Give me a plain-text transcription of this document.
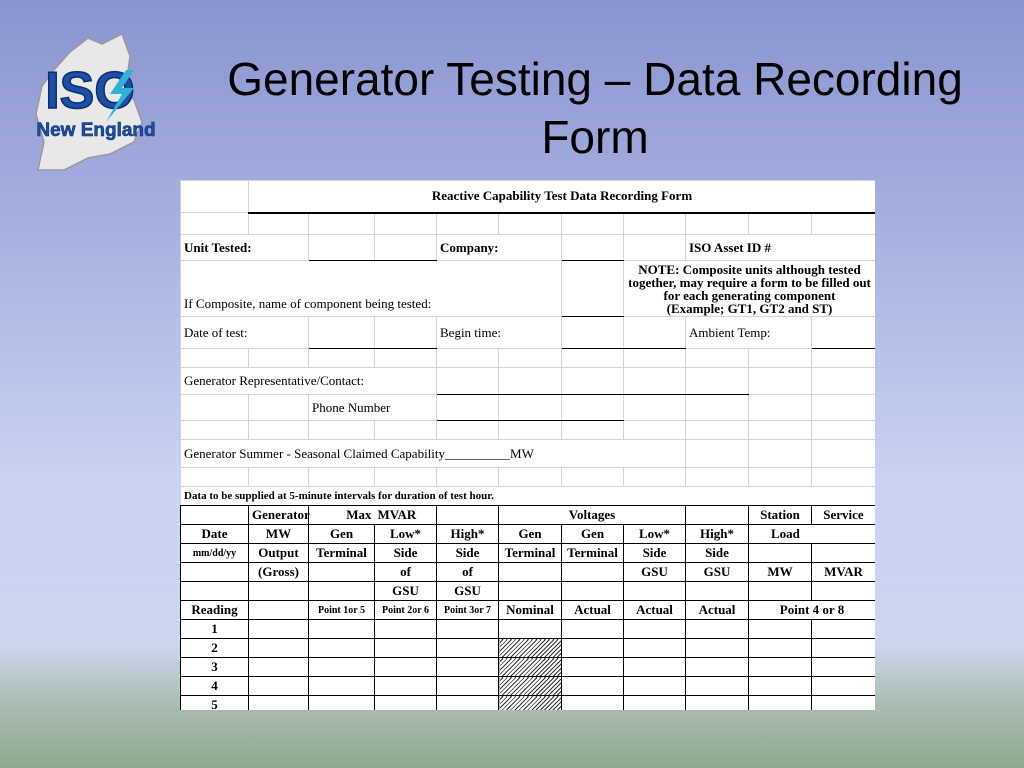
ISO
New England
Generator Testing – Data Recording
Form
	Reactive Capability Test Data Recording Form									

Unit Tested:				Company:				ISO Asset ID #		
If Composite, name of component being tested:							NOTE: Composite units although tested
together, may require a form to be filled out
for each generating component
(Example; GT1, GT2 and ST)			

Date of test:				Begin time:				Ambient Temp:		

Generator Representative/Contact:										
		Phone Number								

Generator Summer - Seasonal Claimed Capability__________MW										

Data to be supplied at 5-minute intervals for duration of test hour.										
	Generator	Max	MVAR		Voltages				Station	Service
Date	MW	Gen	Low*	High*	Gen	Gen	Low*	High*	Load	
mm/dd/yy	Output	Terminal	Side	Side	Terminal	Terminal	Side	Side		
	(Gross)		of	of			GSU	GSU	MW	MVAR
			GSU	GSU						
Reading		Point 1or 5	Point 2or 6	Point 3or 7	Nominal	Actual	Actual	Actual	Point 4 or 8	
1										
2										
3										
4										
5										
